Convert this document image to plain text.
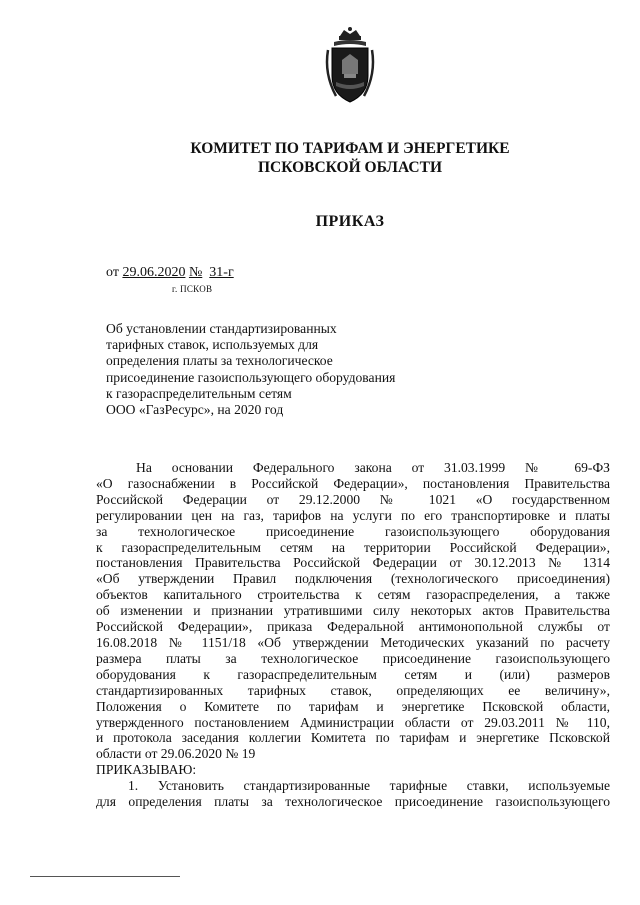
КОМИТЕТ ПО ТАРИФАМ И ЭНЕРГЕТИКЕ
ПСКОВСКОЙ ОБЛАСТИ
ПРИКАЗ
от 29.06.2020 № 31-г
г. ПСКОВ
Об установлении стандартизированных
тарифных ставок, используемых для
определения платы за технологическое
присоединение газоиспользующего оборудования
к газораспределительным сетям
ООО «ГазРесурс», на 2020 год
На основании Федерального закона от 31.03.1999 № 69-ФЗ
«О газоснабжении в Российской Федерации», постановления Правительства
Российской Федерации от 29.12.2000 № 1021 «О государственном
регулировании цен на газ, тарифов на услуги по его транспортировке и платы
за технологическое присоединение газоиспользующего оборудования
к газораспределительным сетям на территории Российской Федерации»,
постановления Правительства Российской Федерации от 30.12.2013 № 1314
«Об утверждении Правил подключения (технологического присоединения)
объектов капитального строительства к сетям газораспределения, а также
об изменении и признании утратившими силу некоторых актов Правительства
Российской Федерации», приказа Федеральной антимонопольной службы от
16.08.2018 № 1151/18 «Об утверждении Методических указаний по расчету
размера платы за технологическое присоединение газоиспользующего
оборудования к газораспределительным сетям и (или) размеров
стандартизированных тарифных ставок, определяющих ее величину»,
Положения о Комитете по тарифам и энергетике Псковской области,
утвержденного постановлением Администрации области от 29.03.2011 № 110,
и протокола заседания коллегии Комитета по тарифам и энергетике Псковской
области от 29.06.2020 № 19
ПРИКАЗЫВАЮ:
1. Установить стандартизированные тарифные ставки, используемые
для определения платы за технологическое присоединение газоиспользующего
